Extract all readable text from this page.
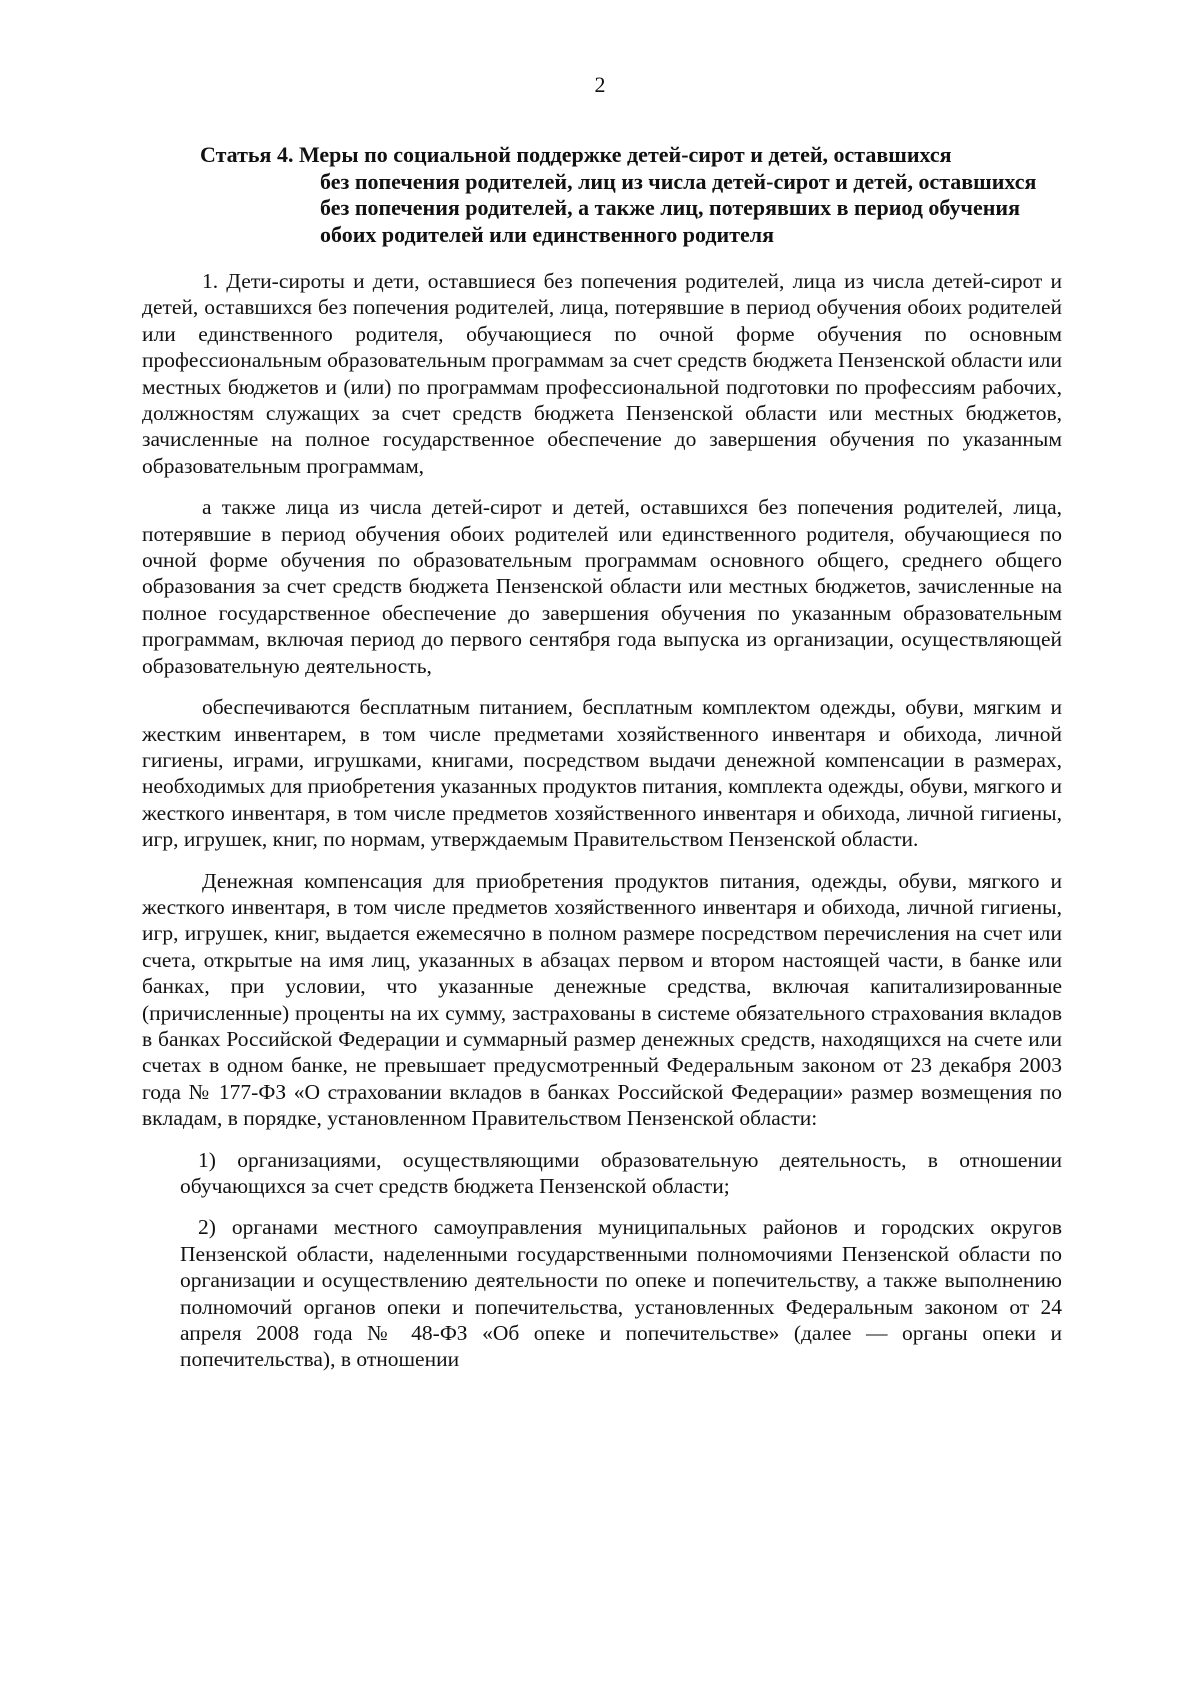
2
Статья 4. Меры по социальной поддержке детей-сирот и детей, оставшихся
без попечения родителей, лиц из числа детей-сирот и детей, оставшихся без попечения родителей, а также лиц, потерявших в период обучения обоих родителей или единственного родителя

1. Дети-сироты и дети, оставшиеся без попечения родителей, лица из числа детей-сирот и детей, оставшихся без попечения родителей, лица, потерявшие в период обучения обоих родителей или единственного родителя, обучающиеся по очной форме обучения по основным профессиональным образовательным программам за счет средств бюджета Пензенской области или местных бюджетов и (или) по программам профессиональной подготовки по профессиям рабочих, должностям служащих за счет средств бюджета Пензенской области или местных бюджетов, зачисленные на полное государственное обеспечение до завершения обучения по указанным образовательным программам,

а также лица из числа детей-сирот и детей, оставшихся без попечения родителей, лица, потерявшие в период обучения обоих родителей или единственного родителя, обучающиеся по очной форме обучения по образовательным программам основного общего, среднего общего образования за счет средств бюджета Пензенской области или местных бюджетов, зачисленные на полное государственное обеспечение до завершения обучения по указанным образовательным программам, включая период до первого сентября года выпуска из организации, осуществляющей образовательную деятельность,

обеспечиваются бесплатным питанием, бесплатным комплектом одежды, обуви, мягким и жестким инвентарем, в том числе предметами хозяйственного инвентаря и обихода, личной гигиены, играми, игрушками, книгами, посредством выдачи денежной компенсации в размерах, необходимых для приобретения указанных продуктов питания, комплекта одежды, обуви, мягкого и жесткого инвентаря, в том числе предметов хозяйственного инвентаря и обихода, личной гигиены, игр, игрушек, книг, по нормам, утверждаемым Правительством Пензенской области.

Денежная компенсация для приобретения продуктов питания, одежды, обуви, мягкого и жесткого инвентаря, в том числе предметов хозяйственного инвентаря и обихода, личной гигиены, игр, игрушек, книг, выдается ежемесячно в полном размере посредством перечисления на счет или счета, открытые на имя лиц, указанных в абзацах первом и втором настоящей части, в банке или банках, при условии, что указанные денежные средства, включая капитализированные (причисленные) проценты на их сумму, застрахованы в системе обязательного страхования вкладов в банках Российской Федерации и суммарный размер денежных средств, находящихся на счете или счетах в одном банке, не превышает предусмотренный Федеральным законом от 23 декабря 2003 года № 177-ФЗ «О страховании вкладов в банках Российской Федерации» размер возмещения по вкладам, в порядке, установленном Правительством Пензенской области:

1) организациями, осуществляющими образовательную деятельность, в отношении обучающихся за счет средств бюджета Пензенской области;

2) органами местного самоуправления муниципальных районов и городских округов Пензенской области, наделенными государственными полномочиями Пензенской области по организации и осуществлению деятельности по опеке и попечительству, а также выполнению полномочий органов опеки и попечительства, установленных Федеральным законом от 24 апреля 2008 года № 48-ФЗ «Об опеке и попечительстве» (далее — органы опеки и попечительства), в отношении
